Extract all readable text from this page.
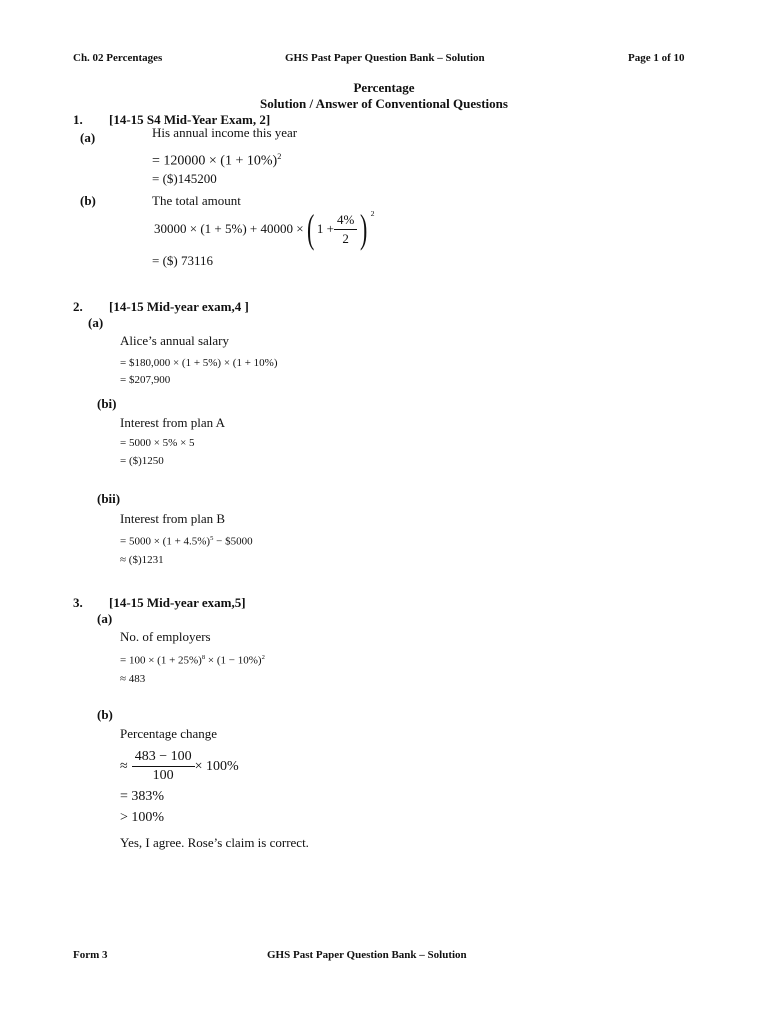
Ch. 02 Percentages	GHS Past Paper Question Bank – Solution	Page 1 of 10
Percentage
Solution / Answer of Conventional Questions
1. [14-15 S4 Mid-Year Exam, 2]
(a)	His annual income this year
= $120000 \times (1 + 10\%)^2$
= ($)145200
(b)	The total amount
30000 × (1 + 5%) + 40000 × ( $1 + \frac{4\%}{2}$ ) $^2$
= ($) 73116
2. [14-15 Mid-year exam,4 ]
(a)
Alice’s annual salary
= $180,000 × (1 + 5%) × (1 + 10%)
= $207,900
(bi)
Interest from plan A
= 5000 × 5% × 5
= ($)1250
(bii)
Interest from plan B
= $5000 \times (1 + 4.5\%)^5$ − $5000
≈ ($)1231
3. [14-15 Mid-year exam,5]
(a)
No. of employers
= $100 \times (1 + 25\%)^8 \times (1 - 10\%)^2$
≈ 483
(b)
Percentage change
≈ $\frac{483 - 100}{100} \times 100\%$
= 383%
> 100%
Yes, I agree. Rose’s claim is correct.
Form 3	GHS Past Paper Question Bank – Solution
